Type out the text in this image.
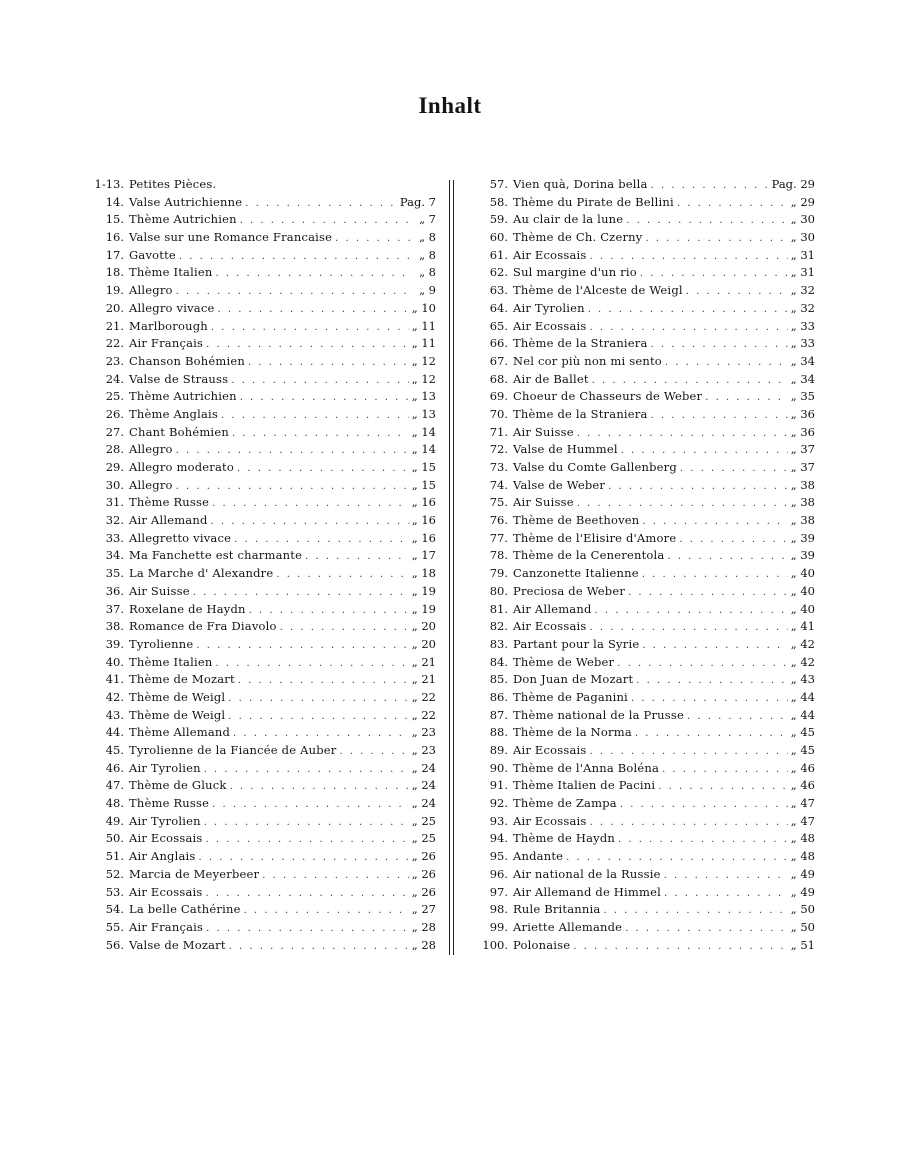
Inhalt
1-13. Petites Pièces.
14. Valse Autrichienne . . .	Pag. 7
15. Thème Autrichien . . .	„ 7
16. Valse sur une Romance Francaise . . .	„ 8
17. Gavotte . . .	„ 8
18. Thème Italien . . .	„ 8
19. Allegro . . .	„ 9
20. Allegro vivace . . .	„ 10
21. Marlborough . . .	„ 11
22. Air Français . . .	„ 11
23. Chanson Bohémien . . .	„ 12
24. Valse de Strauss . . .	„ 12
25. Thème Autrichien . . .	„ 13
26. Thème Anglais . . .	„ 13
27. Chant Bohémien . . .	„ 14
28. Allegro . . .	„ 14
29. Allegro moderato . . .	„ 15
30. Allegro . . .	„ 15
31. Thème Russe . . .	„ 16
32. Air Allemand . . .	„ 16
33. Allegretto vivace . . .	„ 16
34. Ma Fanchette est charmante . . .	„ 17
35. La Marche d' Alexandre . . .	„ 18
36. Air Suisse . . .	„ 19
37. Roxelane de Haydn . . .	„ 19
38. Romance de Fra Diavolo . . .	„ 20
39. Tyrolienne . . .	„ 20
40. Thème Italien . . .	„ 21
41. Thème de Mozart . . .	„ 21
42. Thème de Weigl . . .	„ 22
43. Thème de Weigl . . .	„ 22
44. Thème Allemand . . .	„ 23
45. Tyrolienne de la Fiancée de Auber . . .	„ 23
46. Air Tyrolien . . .	„ 24
47. Thème de Gluck . . .	„ 24
48. Thème Russe . . .	„ 24
49. Air Tyrolien . . .	„ 25
50. Air Ecossais . . .	„ 25
51. Air Anglais . . .	„ 26
52. Marcia de Meyerbeer . . .	„ 26
53. Air Ecossais . . .	„ 26
54. La belle Cathérine . . .	„ 27
55. Air Français . . .	„ 28
56. Valse de Mozart . . .	„ 28
57. Vien quà, Dorina bella . . .	Pag. 29
58. Thème du Pirate de Bellini . . .	„ 29
59. Au clair de la lune . . .	„ 30
60. Thème de Ch. Czerny . . .	„ 30
61. Air Ecossais . . .	„ 31
62. Sul margine d'un rio . . .	„ 31
63. Thème de l'Alceste de Weigl . . .	„ 32
64. Air Tyrolien . . .	„ 32
65. Air Ecossais . . .	„ 33
66. Thème de la Straniera . . .	„ 33
67. Nel cor più non mi sento . . .	„ 34
68. Air de Ballet . . .	„ 34
69. Choeur de Chasseurs de Weber . . .	„ 35
70. Thème de la Straniera . . .	„ 36
71. Air Suisse . . .	„ 36
72. Valse de Hummel . . .	„ 37
73. Valse du Comte Gallenberg . . .	„ 37
74. Valse de Weber . . .	„ 38
75. Air Suisse . . .	„ 38
76. Thème de Beethoven . . .	„ 38
77. Thème de l'Elisire d'Amore . . .	„ 39
78. Thème de la Cenerentola . . .	„ 39
79. Canzonette Italienne . . .	„ 40
80. Preciosa de Weber . . .	„ 40
81. Air Allemand . . .	„ 40
82. Air Ecossais . . .	„ 41
83. Partant pour la Syrie . . .	„ 42
84. Thème de Weber . . .	„ 42
85. Don Juan de Mozart . . .	„ 43
86. Thème de Paganini . . .	„ 44
87. Thème national de la Prusse . . .	„ 44
88. Thème de la Norma . . .	„ 45
89. Air Ecossais . . .	„ 45
90. Thème de l'Anna Boléna . . .	„ 46
91. Thème Italien de Pacini . . .	„ 46
92. Thème de Zampa . . .	„ 47
93. Air Ecossais . . .	„ 47
94. Thème de Haydn . . .	„ 48
95. Andante . . .	„ 48
96. Air national de la Russie . . .	„ 49
97. Air Allemand de Himmel . . .	„ 49
98. Rule Britannia . . .	„ 50
99. Ariette Allemande . . .	„ 50
100. Polonaise . . .	„ 51
